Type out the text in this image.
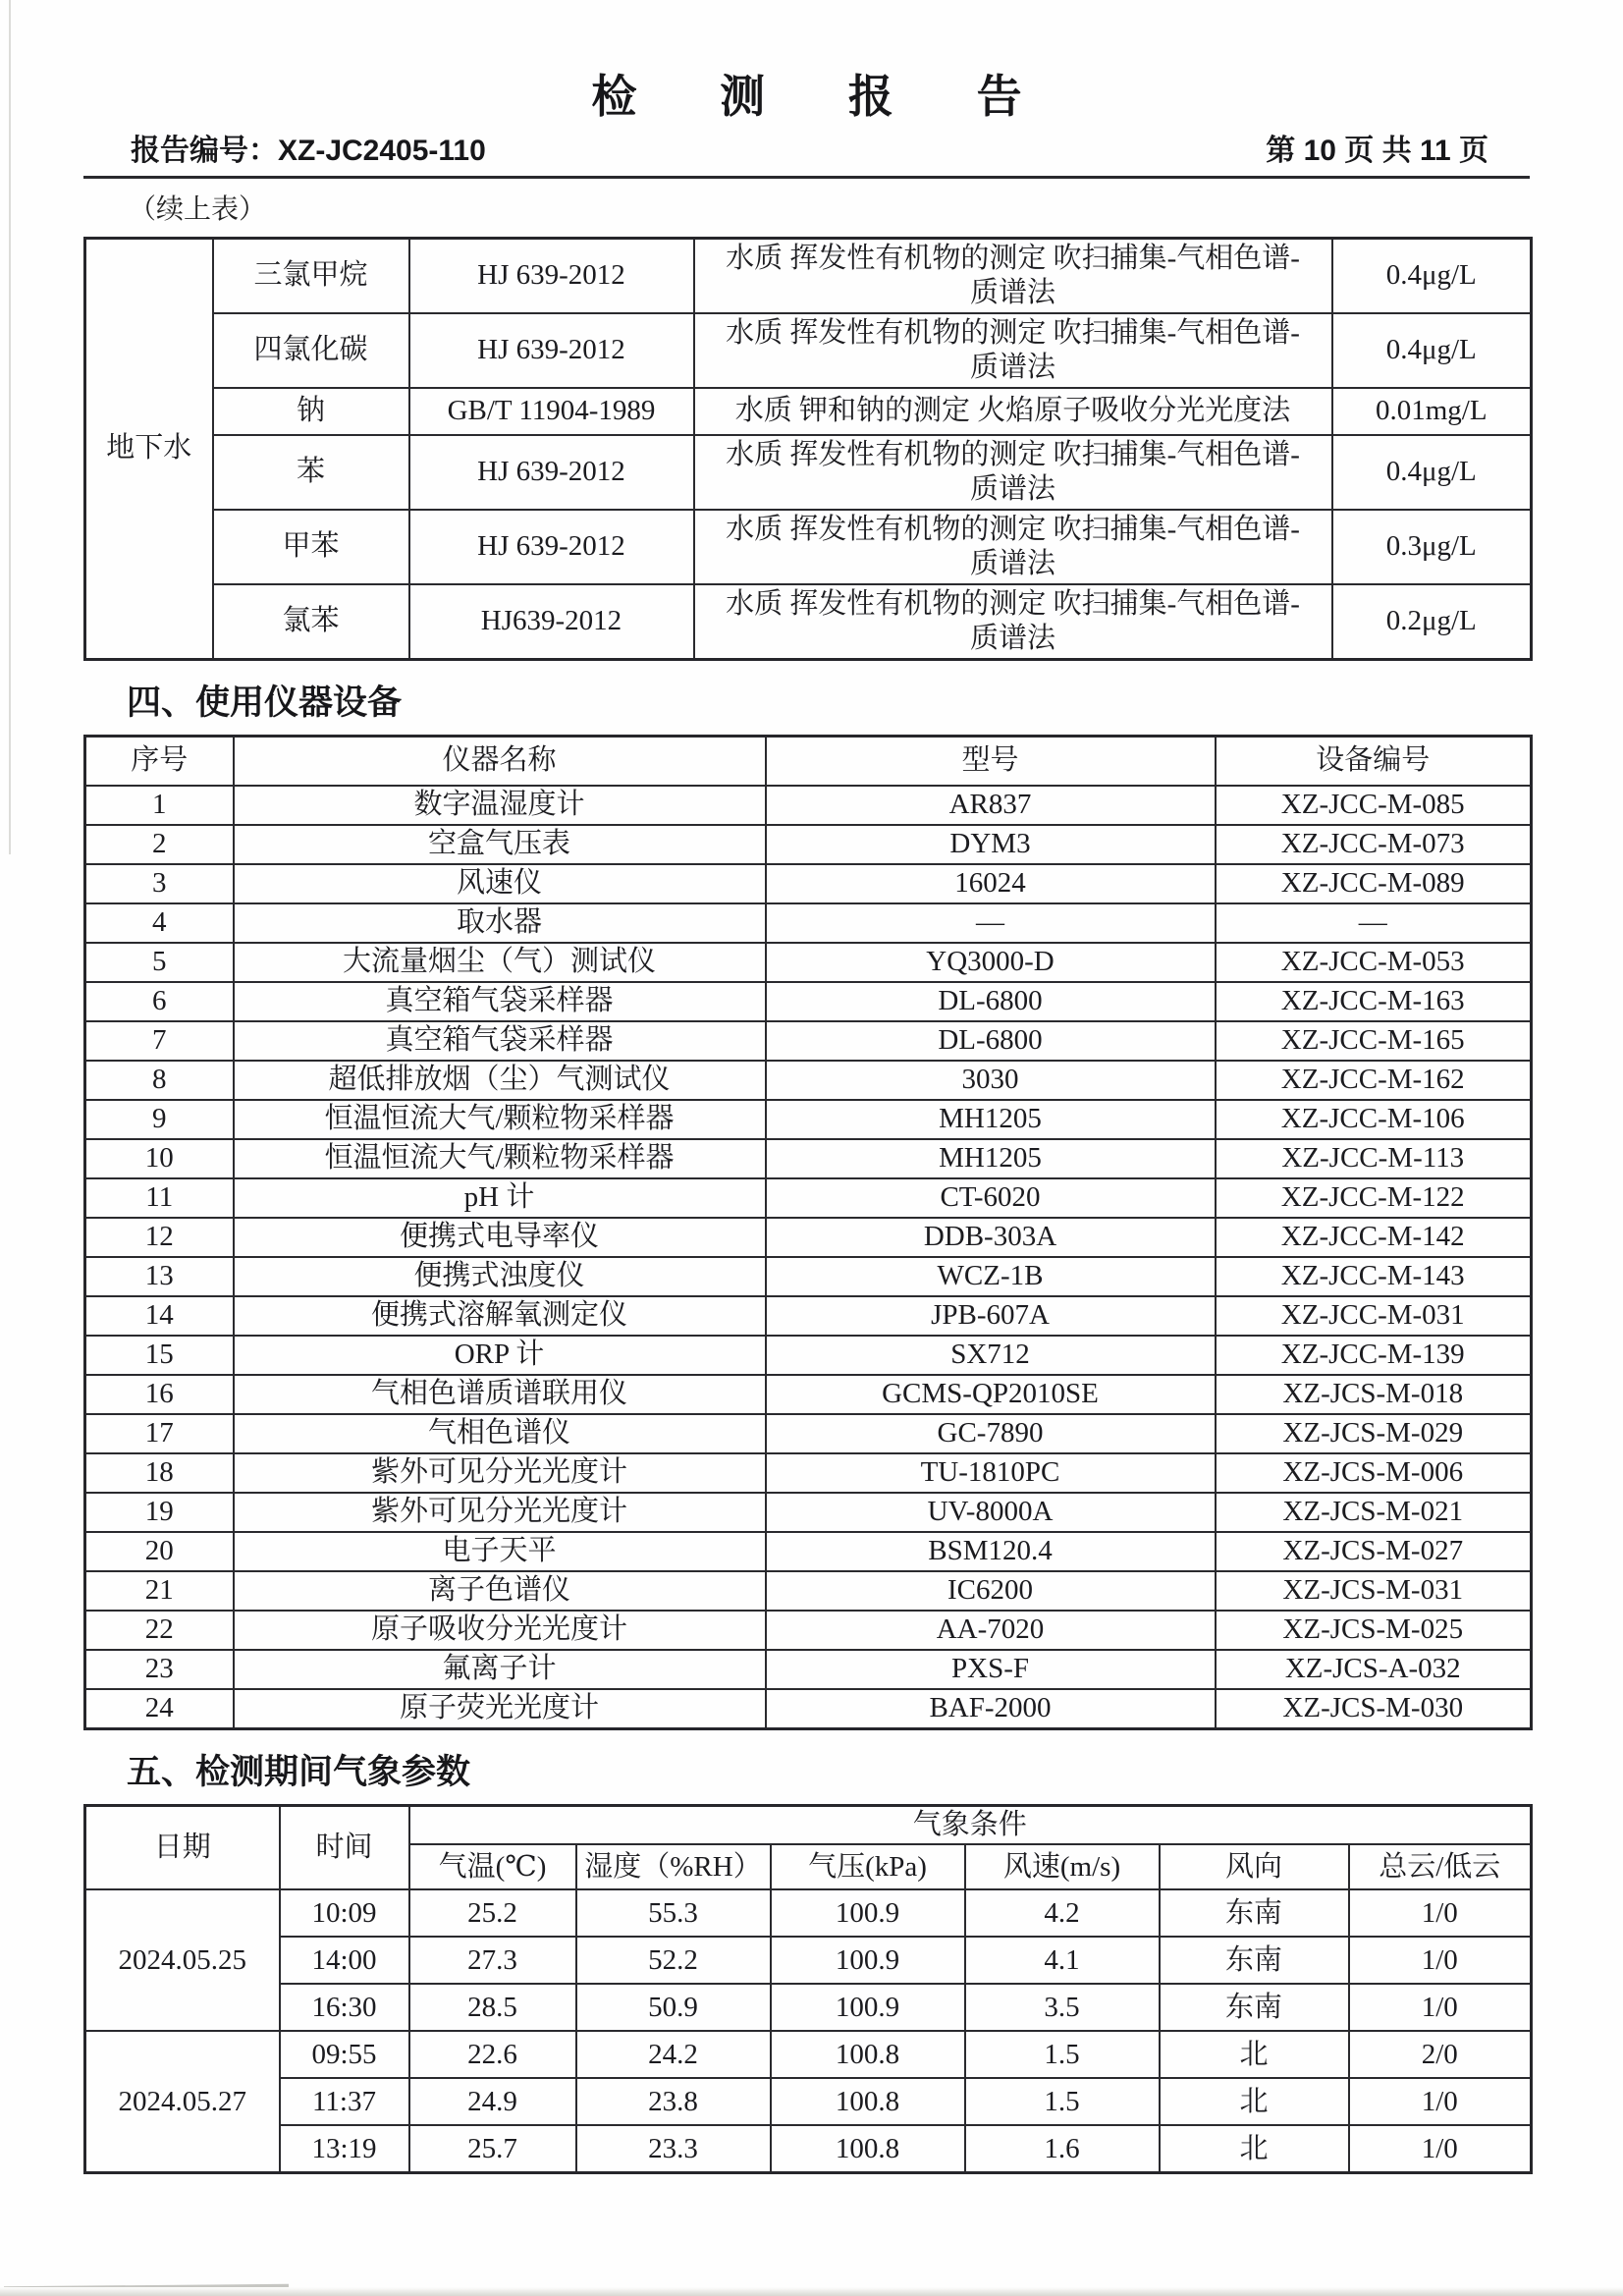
检 测 报 告
报告编号：XZ-JC2405-110	第 10 页 共 11 页
（续上表）
地下水	三氯甲烷	HJ 639-2012	水质 挥发性有机物的测定 吹扫捕集-气相色谱-质谱法	0.4μg/L
	四氯化碳	HJ 639-2012	水质 挥发性有机物的测定 吹扫捕集-气相色谱-质谱法	0.4μg/L
	钠	GB/T 11904-1989	水质 钾和钠的测定 火焰原子吸收分光光度法	0.01mg/L
	苯	HJ 639-2012	水质 挥发性有机物的测定 吹扫捕集-气相色谱-质谱法	0.4μg/L
	甲苯	HJ 639-2012	水质 挥发性有机物的测定 吹扫捕集-气相色谱-质谱法	0.3μg/L
	氯苯	HJ639-2012	水质 挥发性有机物的测定 吹扫捕集-气相色谱-质谱法	0.2μg/L
四、使用仪器设备
序号	仪器名称	型号	设备编号
1	数字温湿度计	AR837	XZ-JCC-M-085
2	空盒气压表	DYM3	XZ-JCC-M-073
3	风速仪	16024	XZ-JCC-M-089
4	取水器	—	—
5	大流量烟尘（气）测试仪	YQ3000-D	XZ-JCC-M-053
6	真空箱气袋采样器	DL-6800	XZ-JCC-M-163
7	真空箱气袋采样器	DL-6800	XZ-JCC-M-165
8	超低排放烟（尘）气测试仪	3030	XZ-JCC-M-162
9	恒温恒流大气/颗粒物采样器	MH1205	XZ-JCC-M-106
10	恒温恒流大气/颗粒物采样器	MH1205	XZ-JCC-M-113
11	pH 计	CT-6020	XZ-JCC-M-122
12	便携式电导率仪	DDB-303A	XZ-JCC-M-142
13	便携式浊度仪	WCZ-1B	XZ-JCC-M-143
14	便携式溶解氧测定仪	JPB-607A	XZ-JCC-M-031
15	ORP 计	SX712	XZ-JCC-M-139
16	气相色谱质谱联用仪	GCMS-QP2010SE	XZ-JCS-M-018
17	气相色谱仪	GC-7890	XZ-JCS-M-029
18	紫外可见分光光度计	TU-1810PC	XZ-JCS-M-006
19	紫外可见分光光度计	UV-8000A	XZ-JCS-M-021
20	电子天平	BSM120.4	XZ-JCS-M-027
21	离子色谱仪	IC6200	XZ-JCS-M-031
22	原子吸收分光光度计	AA-7020	XZ-JCS-M-025
23	氟离子计	PXS-F	XZ-JCS-A-032
24	原子荧光光度计	BAF-2000	XZ-JCS-M-030
五、检测期间气象参数
日期	时间	气象条件					
		气温(℃)	湿度（%RH）	气压(kPa)	风速(m/s)	风向	总云/低云
2024.05.25	10:09	25.2	55.3	100.9	4.2	东南	1/0
	14:00	27.3	52.2	100.9	4.1	东南	1/0
	16:30	28.5	50.9	100.9	3.5	东南	1/0
2024.05.27	09:55	22.6	24.2	100.8	1.5	北	2/0
	11:37	24.9	23.8	100.8	1.5	北	1/0
	13:19	25.7	23.3	100.8	1.6	北	1/0
